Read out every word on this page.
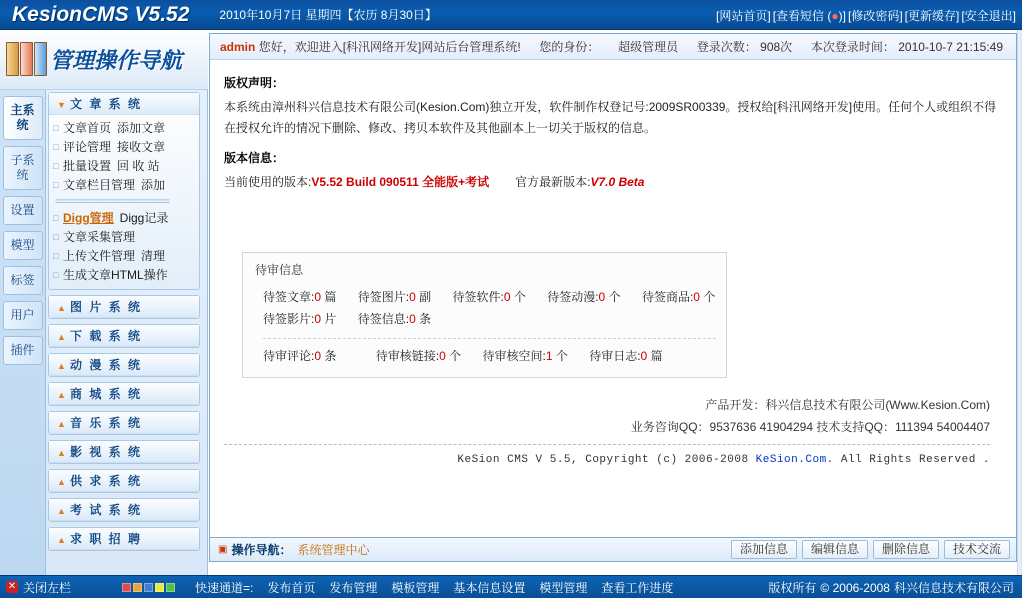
KesionCMS V5.52	2010年10月7日 星期四【农历 8月30日】	[网站首页] [查看短信 (●)] [修改密码] [更新缓存] [安全退出]
管理操作导航
主系统
子系统
设置
模型
标签
用户
插件
▼ 文 章 系 统
□ 文章首页 添加文章
□ 评论管理 接收文章
□ 批量设置 回 收 站
□ 文章栏目管理 添加
=====================
□ Digg管理 Digg记录
□ 文章采集管理
□ 上传文件管理 清理
□ 生成文章HTML操作
▲ 图 片 系 统
▲ 下 载 系 统
▲ 动 漫 系 统
▲ 商 城 系 统
▲ 音 乐 系 统
▲ 影 视 系 统
▲ 供 求 系 统
▲ 考 试 系 统
▲ 求 职 招 聘
admin 您好，欢迎进入[科汛网络开发]网站后台管理系统! 您的身份： 超级管理员 登录次数： 908次 本次登录时间： 2010-10-7 21:15:49
版权声明：
本系统由漳州科兴信息技术有限公司(Kesion.Com)独立开发，软件制作权登记号:2009SR00339。授权给[科汛网络开发]使用。任何个人或组织不得在授权允许的情况下删除、修改、拷贝本软件及其他副本上一切关于版权的信息。
版本信息：
当前使用的版本:V5.52 Build 090511 全能版+考试 官方最新版本:V7.0 Beta
待审信息
待签文章:0 篇 待签图片:0 副 待签软件:0 个 待签动漫:0 个 待签商品:0 个
待签影片:0 片 待签信息:0 条
待审评论:0 条	待审核链接:0 个 待审核空间:1 个 待审日志:0 篇
产品开发：科兴信息技术有限公司(Www.Kesion.Com)
业务咨询QQ：9537636 41904294 技术支持QQ：111394 54004407
KeSion CMS V 5.5, Copyright (c) 2006-2008 KeSion.Com. All Rights Reserved .
▣ 操作导航： 系统管理中心	添加信息	编辑信息	删除信息	技术交流
✕ 关闭左栏	快速通道=: 发布首页 发布管理 模板管理 基本信息设置 模型管理 查看工作进度	版权所有 © 2006-2008 科兴信息技术有限公司
